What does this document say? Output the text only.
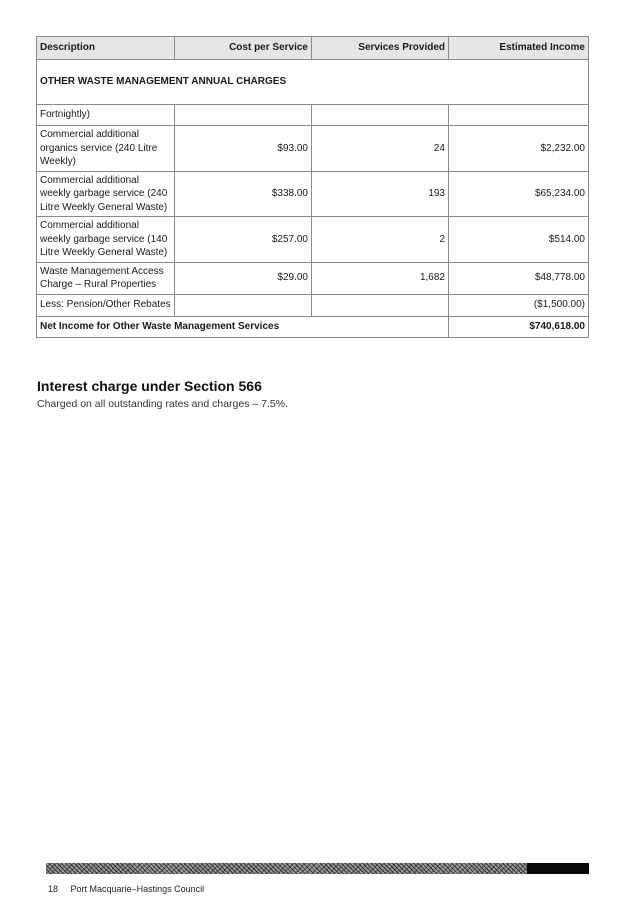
Description	Cost per Service	Services Provided	Estimated Income
OTHER WASTE MANAGEMENT ANNUAL CHARGES			
Fortnightly)			
Commercial additional organics service (240 Litre Weekly)	$93.00	24	$2,232.00
Commercial additional weekly garbage service (240 Litre Weekly General Waste)	$338.00	193	$65,234.00
Commercial additional weekly garbage service (140 Litre Weekly General Waste)	$257.00	2	$514.00
Waste Management Access Charge – Rural Properties	$29.00	1,682	$48,778.00
Less: Pension/Other Rebates			($1,500.00)
Net Income for Other Waste Management Services			$740,618.00
Interest charge under Section 566

Charged on all outstanding rates and charges – 7.5%.

18 Port Macquarie–Hastings Council
